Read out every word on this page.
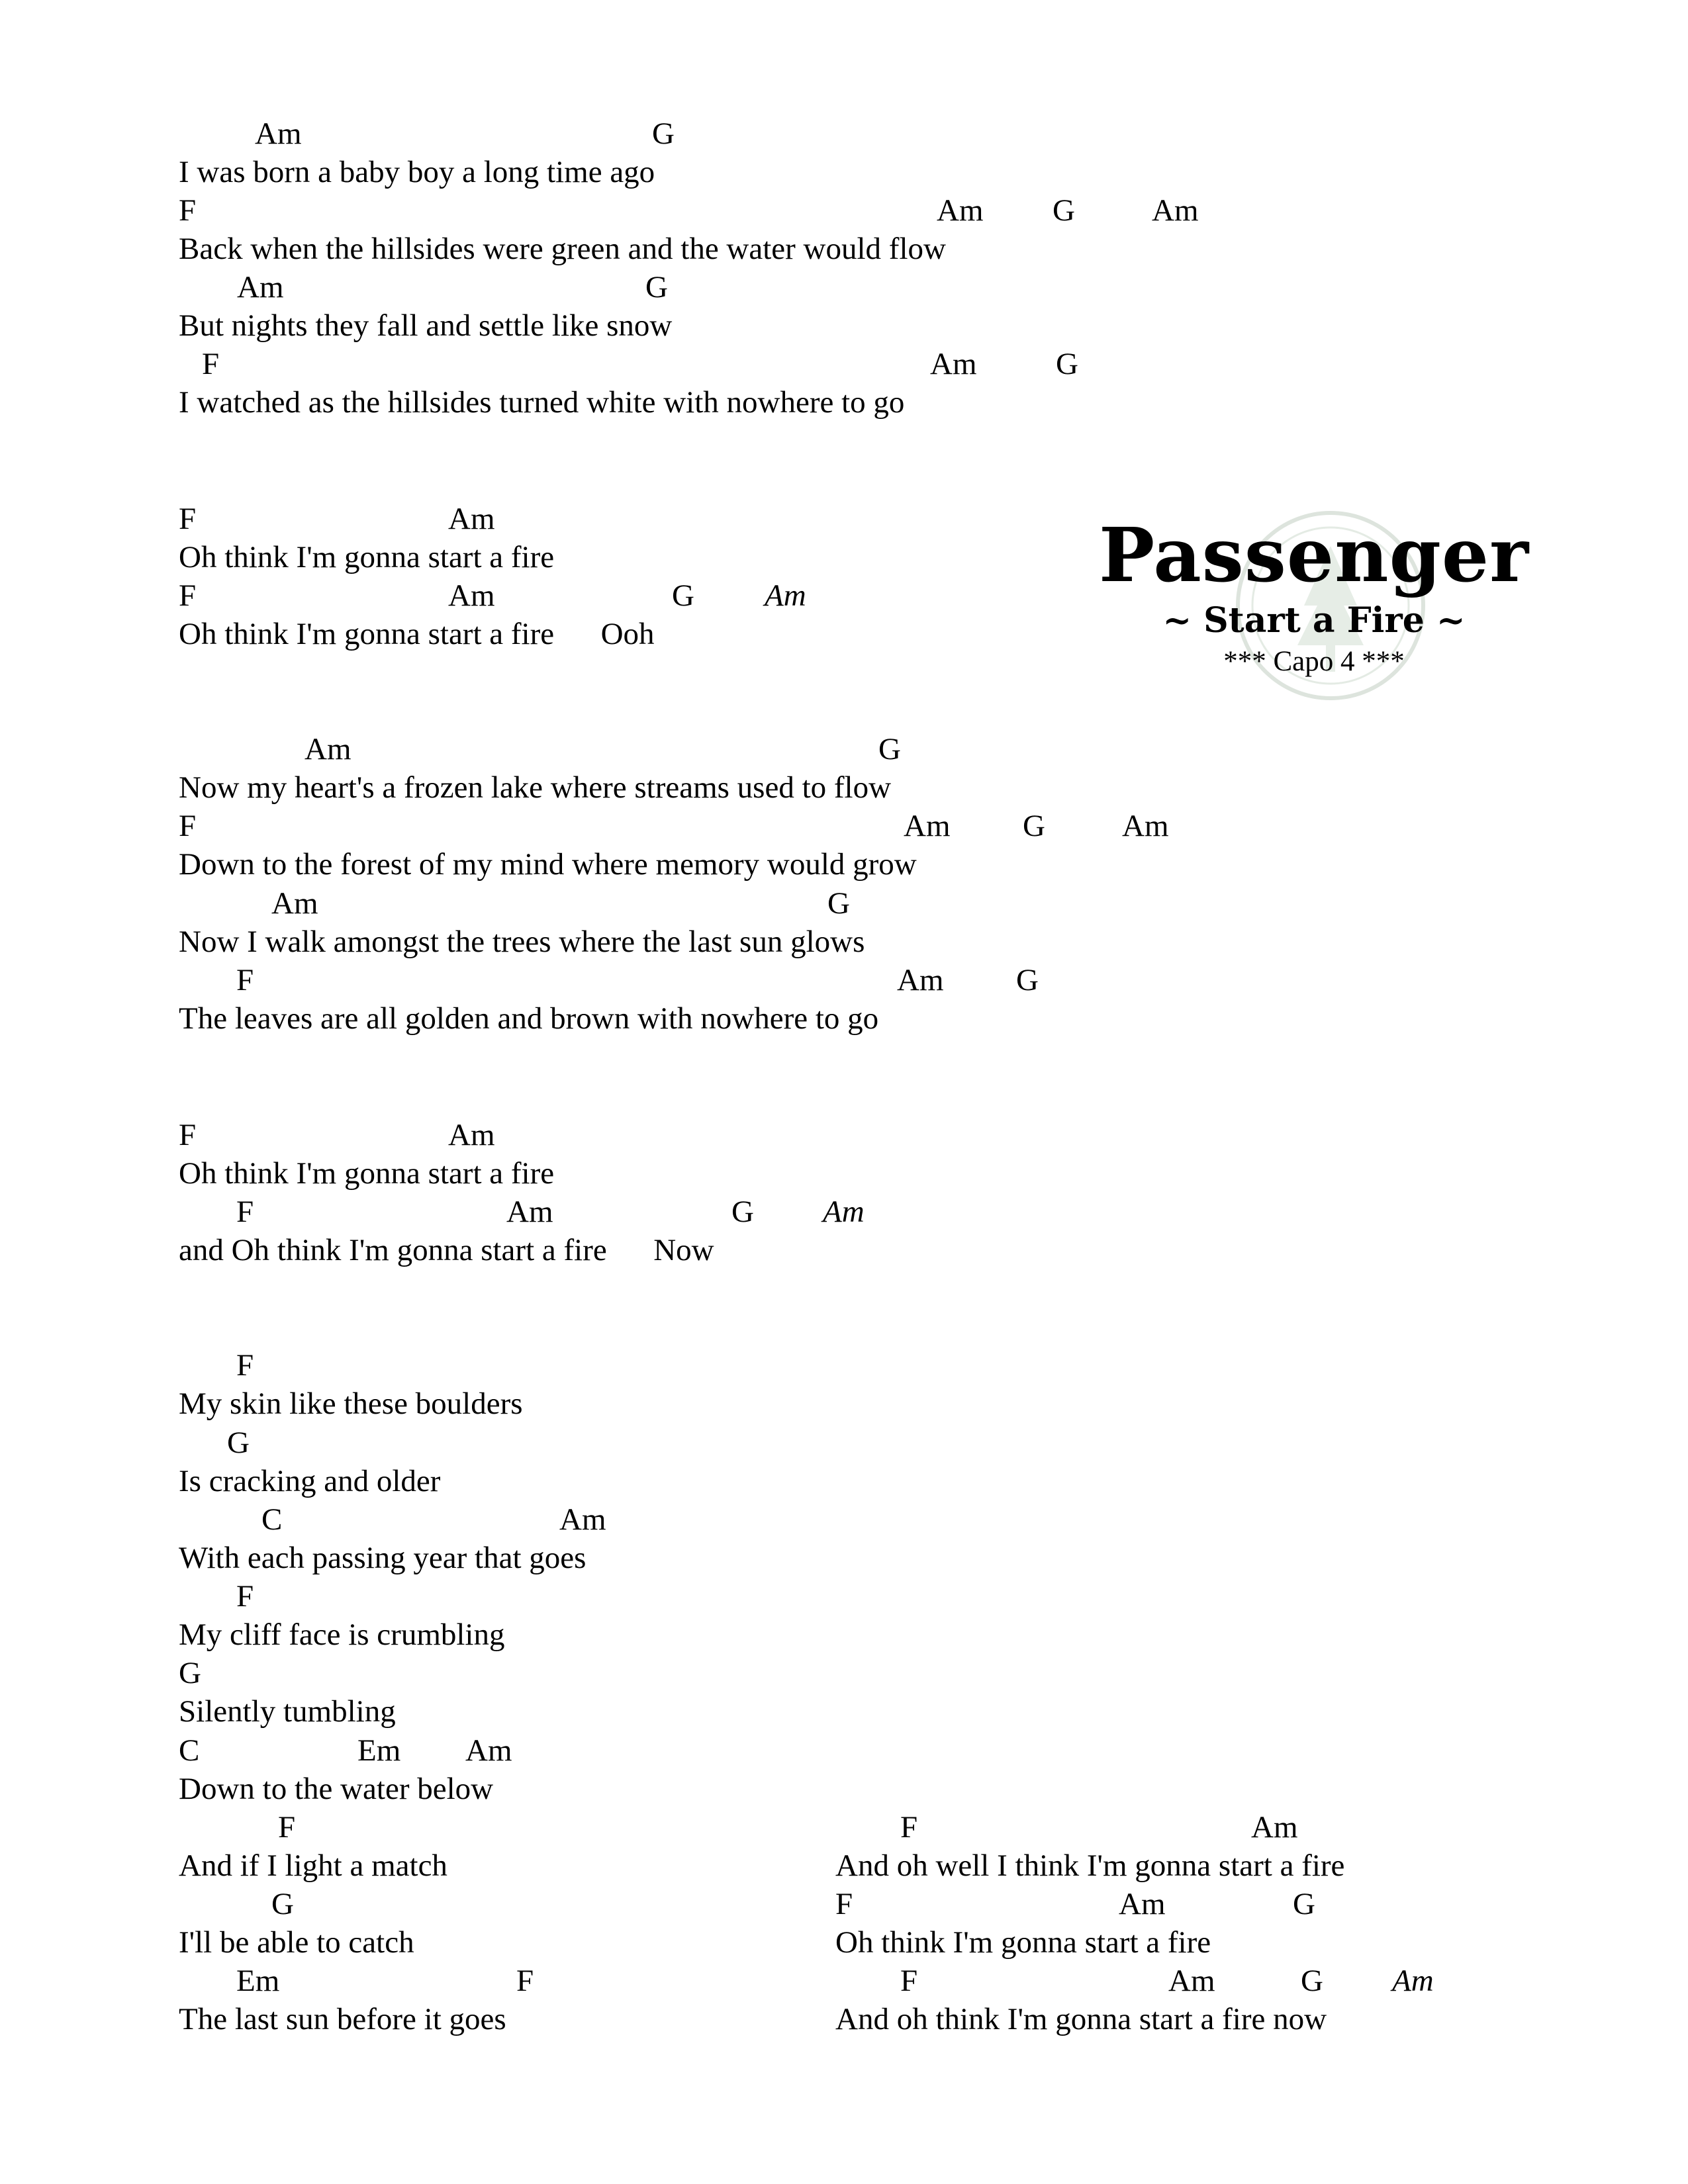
Am	G
I was born a baby boy a long time ago
F	Am G Am
Back when the hillsides were green and the water would flow
Am	G
But nights they fall and settle like snow
F	Am	G
I watched as the hillsides turned white with nowhere to go
F	Am
Oh think I'm gonna start a fire
F	Am	G Am
Oh think I'm gonna start a fire      Ooh
Am	G
Now my heart's a frozen lake where streams used to flow
F	Am G Am
Down to the forest of my mind where memory would grow
Am	G
Now I walk amongst the trees where the last sun glows
F	Am G
The leaves are all golden and brown with nowhere to go
F	Am
Oh think I'm gonna start a fire
F	Am	G Am
and Oh think I'm gonna start a fire      Now
F
My skin like these boulders
G
Is cracking and older
C	Am
With each passing year that goes
F
My cliff face is crumbling
G
Silently tumbling
C	Em Am
Down to the water below
F
And if I light a match
G
I'll be able to catch
Em	F
The last sun before it goes
F	Am
And oh well I think I'm gonna start a fire
F	Am	G
Oh think I'm gonna start a fire
F	Am	G Am
And oh think I'm gonna start a fire now
Passenger
~ Start a Fire ~
*** Capo 4 ***
